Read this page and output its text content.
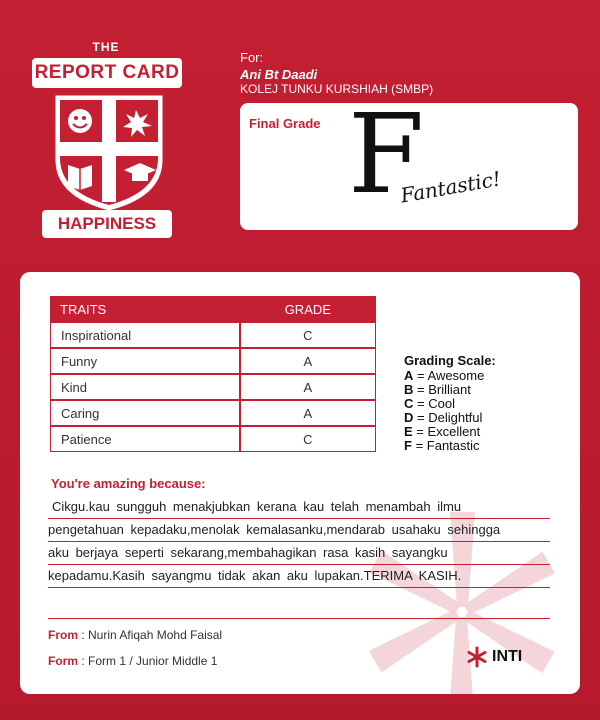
THE
REPORT CARD
OF
HAPPINESS
For:
Ani Bt Daadi
KOLEJ TUNKU KURSHIAH (SMBP)
Final Grade F
Fantastic!
TRAITS	GRADE
Inspirational	C
Funny	A
Kind	A
Caring	A
Patience	C
Grading Scale:
A = Awesome
B = Brilliant
C = Cool
D = Delightful
E = Excellent
F = Fantastic
You're amazing because:
Cikgu.kau sungguh menakjubkan kerana kau telah menambah ilmu
pengetahuan kepadaku,menolak kemalasanku,mendarab usahaku sehingga
aku berjaya seperti sekarang,membahagikan rasa kasih sayangku
kepadamu.Kasih sayangmu tidak akan aku lupakan.TERIMA KASIH.
From : Nurin Afiqah Mohd Faisal
Form : Form 1 / Junior Middle 1	INTI
